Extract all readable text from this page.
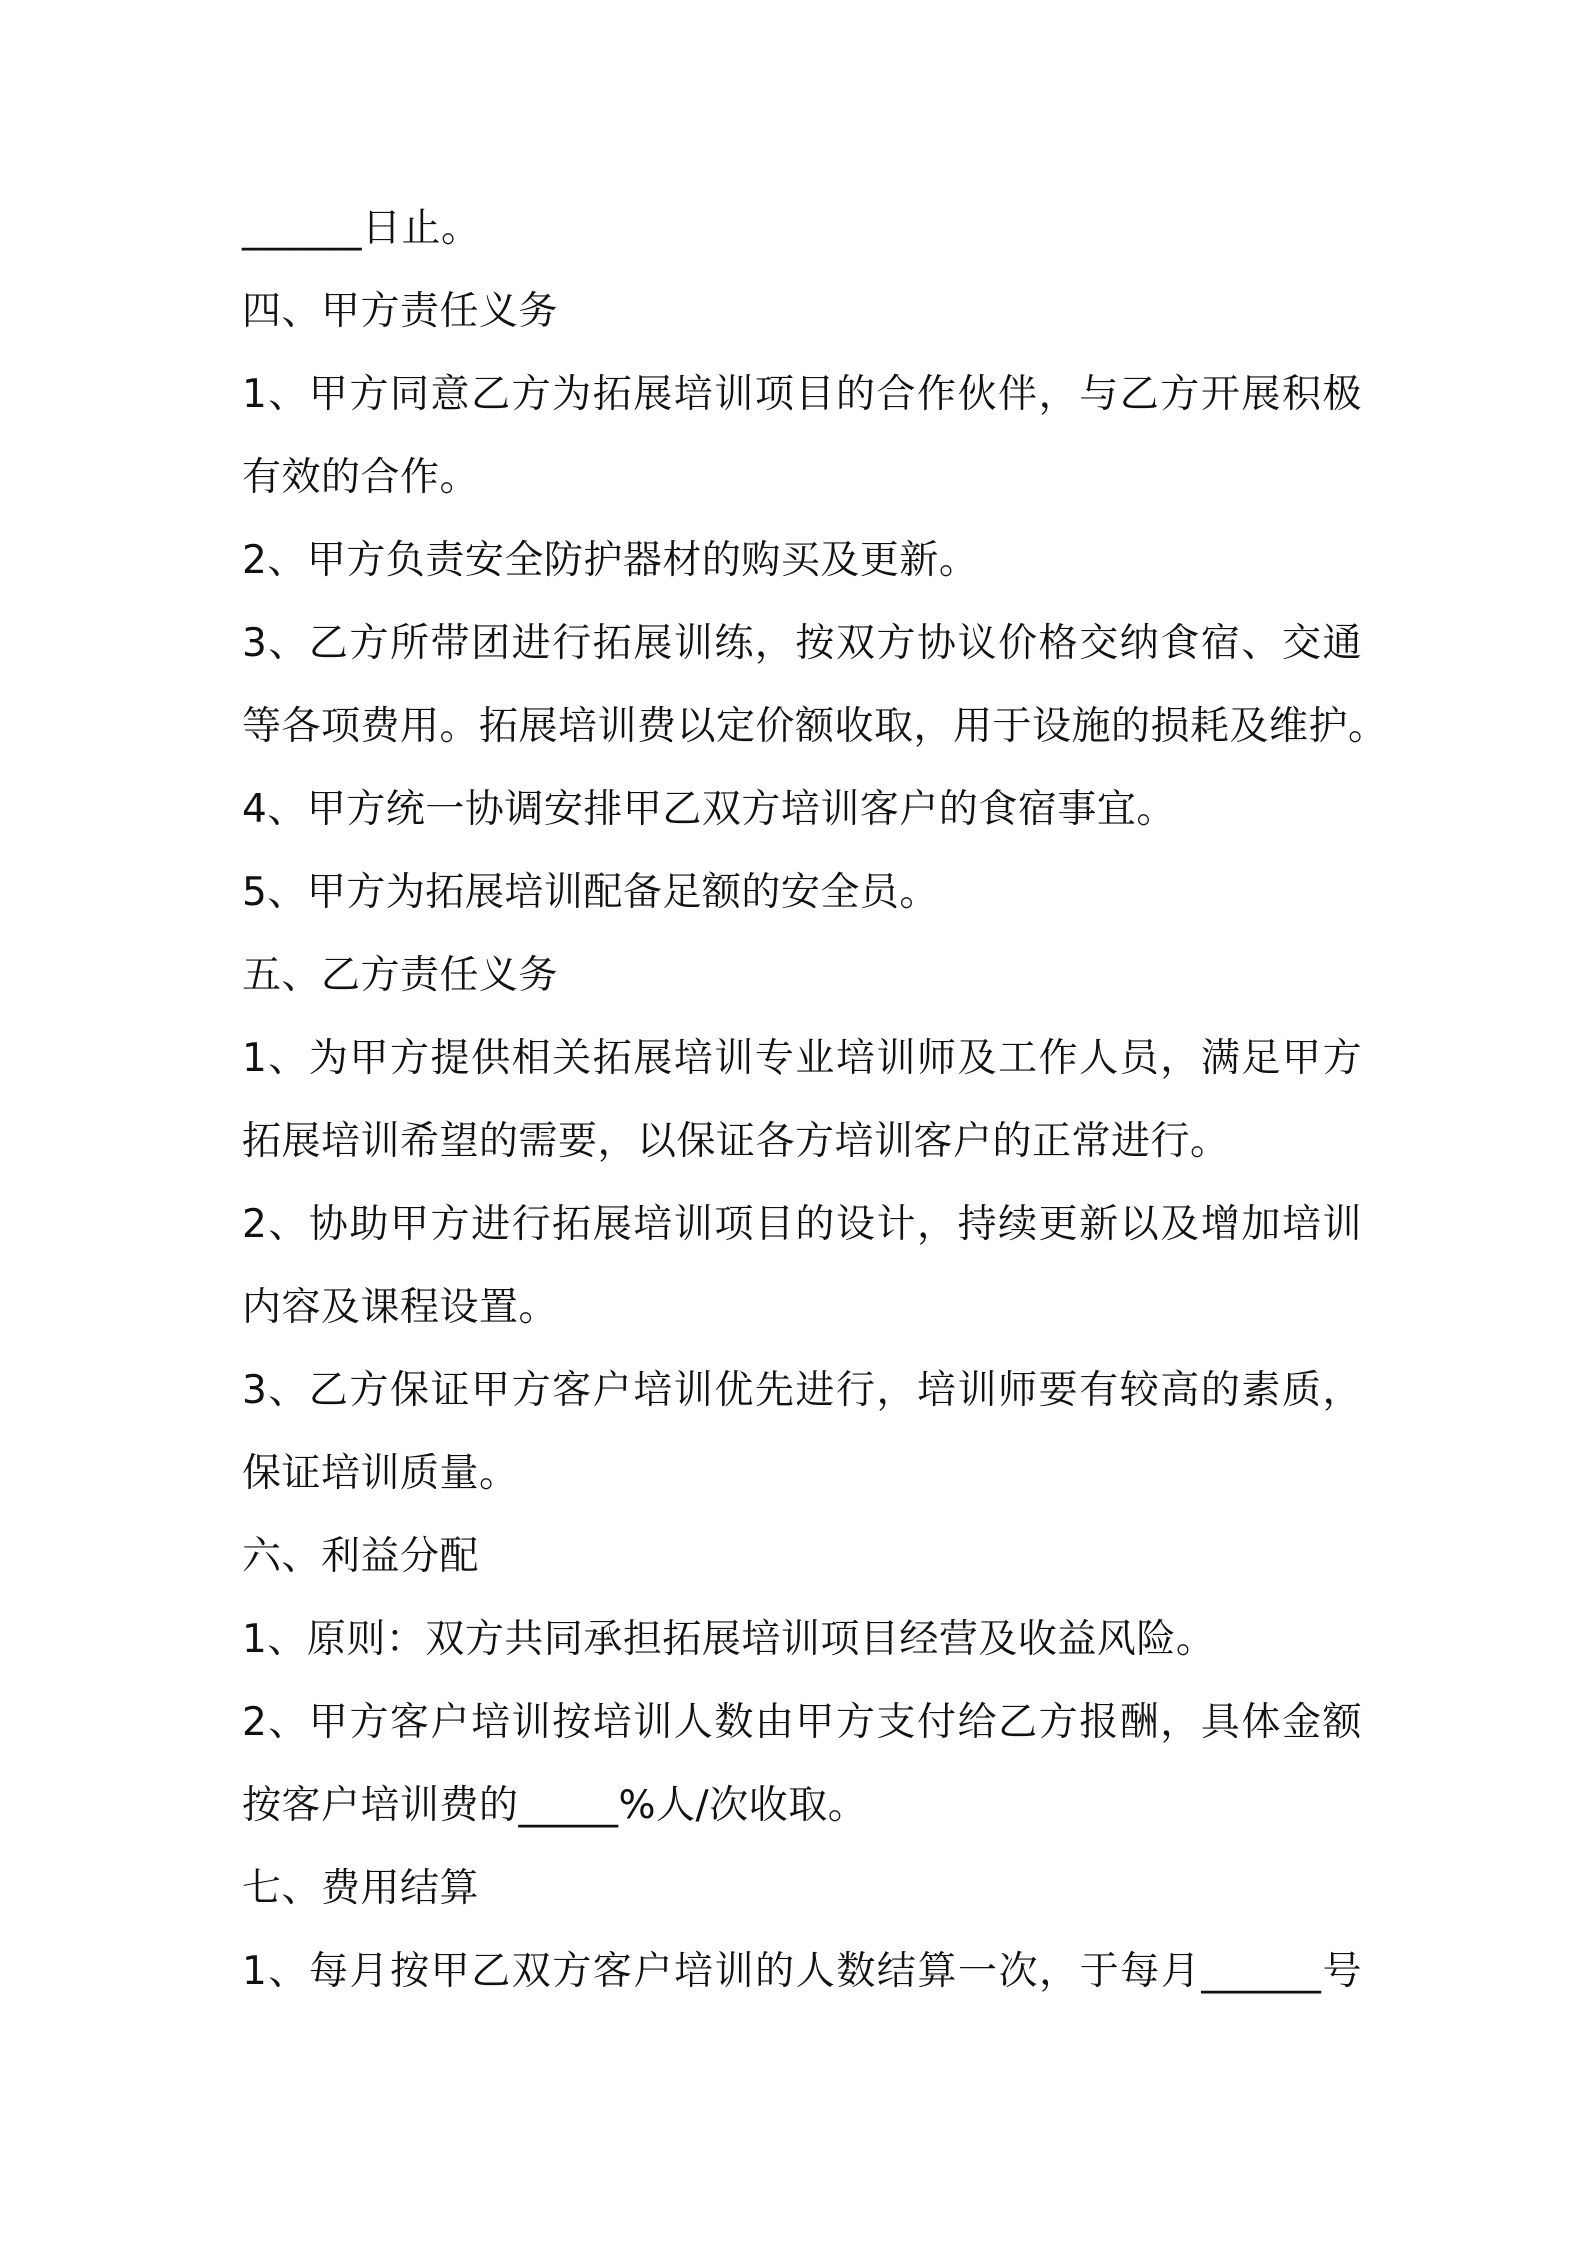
______日止。
四、甲方责任义务
1、甲方同意乙方为拓展培训项目的合作伙伴，与乙方开展积极
有效的合作。
2、甲方负责安全防护器材的购买及更新。
3、乙方所带团进行拓展训练，按双方协议价格交纳食宿、交通
等各项费用。拓展培训费以定价额收取，用于设施的损耗及维护。
4、甲方统一协调安排甲乙双方培训客户的食宿事宜。
5、甲方为拓展培训配备足额的安全员。
五、乙方责任义务
1、为甲方提供相关拓展培训专业培训师及工作人员，满足甲方
拓展培训希望的需要，以保证各方培训客户的正常进行。
2、协助甲方进行拓展培训项目的设计，持续更新以及增加培训
内容及课程设置。
3、乙方保证甲方客户培训优先进行，培训师要有较高的素质，
保证培训质量。
六、利益分配
1、原则：双方共同承担拓展培训项目经营及收益风险。
2、甲方客户培训按培训人数由甲方支付给乙方报酬，具体金额
按客户培训费的_____%人/次收取。
七、费用结算
1、每月按甲乙双方客户培训的人数结算一次，于每月______号
